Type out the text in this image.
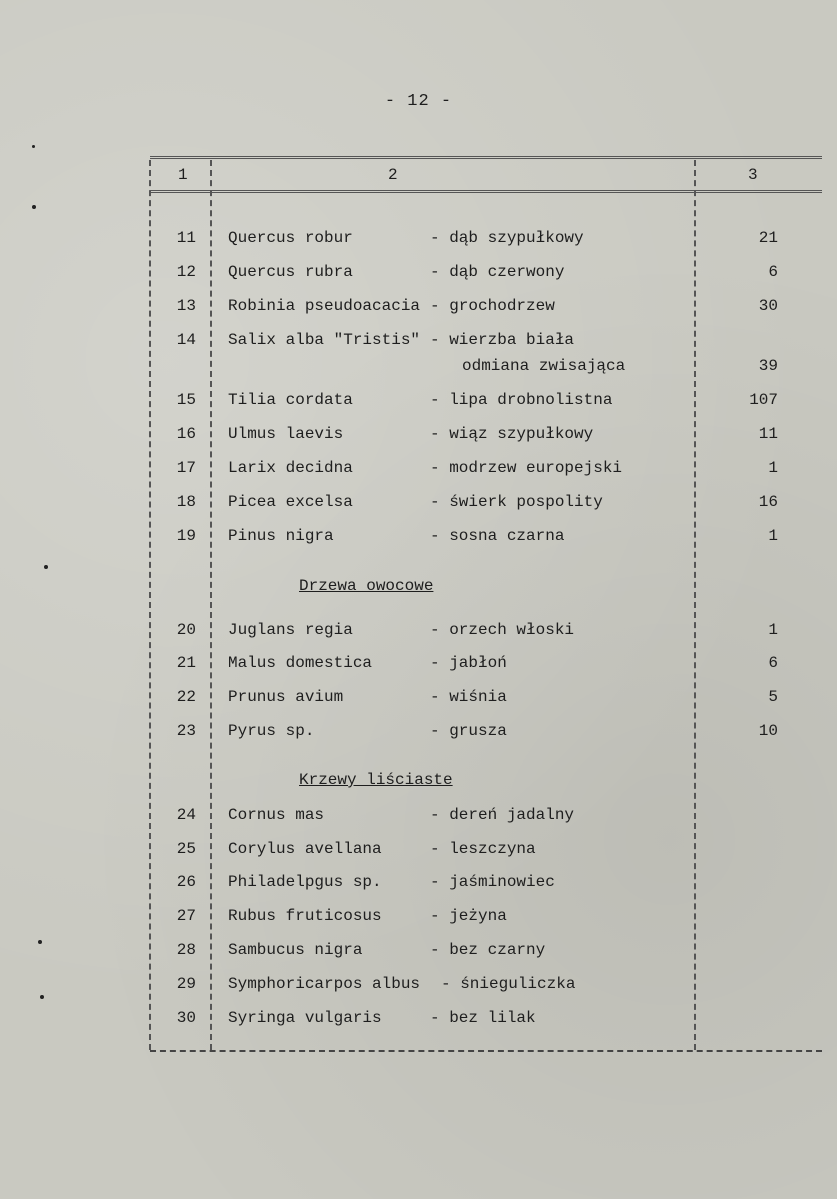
- 12 -
1	2	3
11 Quercus robur	- dąb szypułkowy	21
12 Quercus rubra	- dąb czerwony	6
13 Robinia pseudoacacia - grochodrzew	30
14 Salix alba "Tristis" - wierzba biała
odmiana zwisająca	39
15 Tilia cordata	- lipa drobnolistna	107
16 Ulmus laevis	- wiąz szypułkowy	11
17 Larix decidna	- modrzew europejski	1
18 Picea excelsa	- świerk pospolity	16
19 Pinus nigra	- sosna czarna	1
Drzewa owocowe
20 Juglans regia	- orzech włoski	1
21 Malus domestica	- jabłoń	6
22 Prunus avium	- wiśnia	5
23 Pyrus sp.	- grusza	10
Krzewy liściaste
24 Cornus mas	- dereń jadalny
25 Corylus avellana	- leszczyna
26 Philadelpgus sp.	- jaśminowiec
27 Rubus fruticosus	- jeżyna
28 Sambucus nigra	- bez czarny
29 Symphoricarpos albus - śnieguliczka
30 Syringa vulgaris	- bez lilak
